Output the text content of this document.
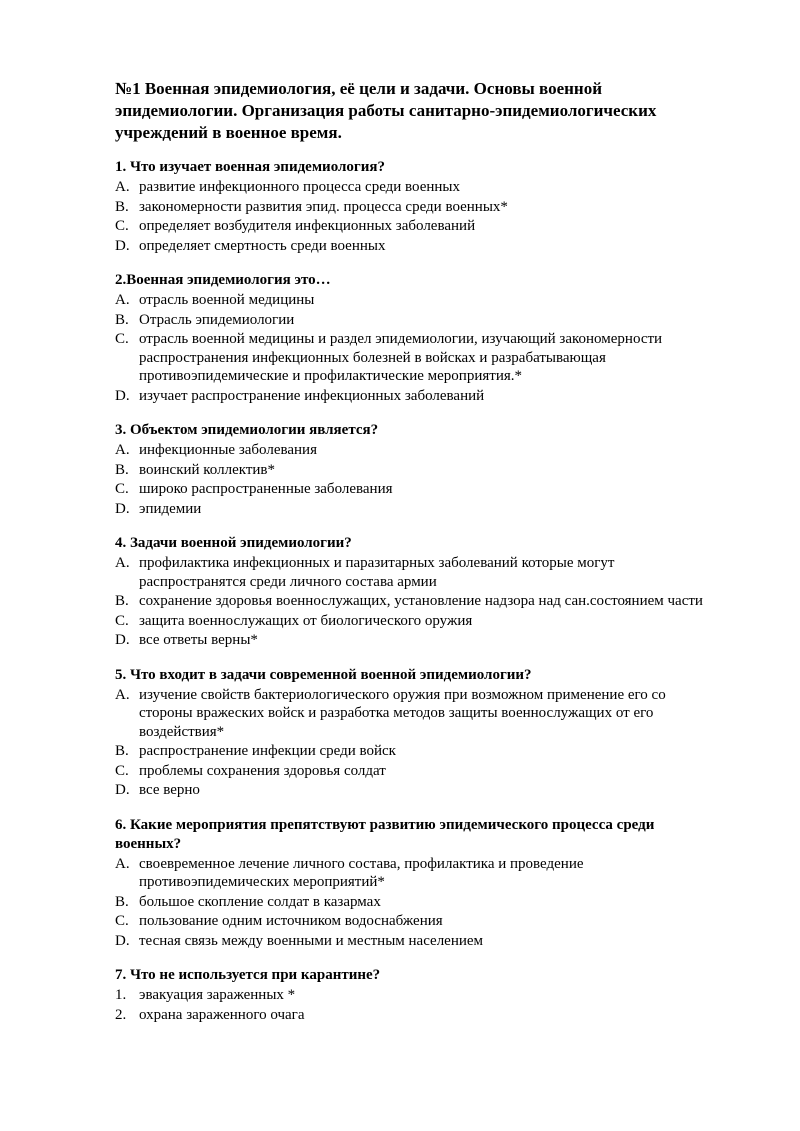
№1 Военная эпидемиология, её цели и задачи. Основы военной эпидемиологии. Организация работы санитарно-эпидемиологических учреждений в военное время.
1. Что изучает военная эпидемиология?
A. развитие инфекционного процесса среди военных
B. закономерности развития эпид. процесса среди военных*
C. определяет возбудителя инфекционных заболеваний
D. определяет смертность среди военных
2.Военная эпидемиология это…
A. отрасль военной медицины
B. Отрасль эпидемиологии
C. отрасль военной медицины и раздел эпидемиологии, изучающий закономерности распространения инфекционных болезней в войсках и разрабатывающая противоэпидемические и профилактические мероприятия.*
D. изучает распространение инфекционных заболеваний
3. Объектом эпидемиологии является?
A. инфекционные заболевания
B. воинский коллектив*
C. широко распространенные заболевания
D. эпидемии
4. Задачи военной эпидемиологии?
A. профилактика инфекционных и паразитарных заболеваний которые могут распространятся среди личного состава армии
B. сохранение здоровья военнослужащих, установление надзора над сан.состоянием части
C. защита военнослужащих от биологического оружия
D. все ответы верны*
5. Что входит в задачи современной военной эпидемиологии?
A. изучение свойств бактериологического оружия при возможном применение его со стороны вражеских войск и разработка методов защиты военнослужащих от его воздействия*
B. распространение инфекции среди войск
C. проблемы сохранения здоровья солдат
D. все верно
6. Какие мероприятия препятствуют развитию эпидемического процесса среди военных?
A. своевременное лечение личного состава, профилактика и проведение противоэпидемических мероприятий*
B. большое скопление солдат в казармах
C. пользование одним источником водоснабжения
D. тесная связь между военными и местным населением
7. Что не используется при карантине?
1. эвакуация зараженных *
2. охрана зараженного очага
